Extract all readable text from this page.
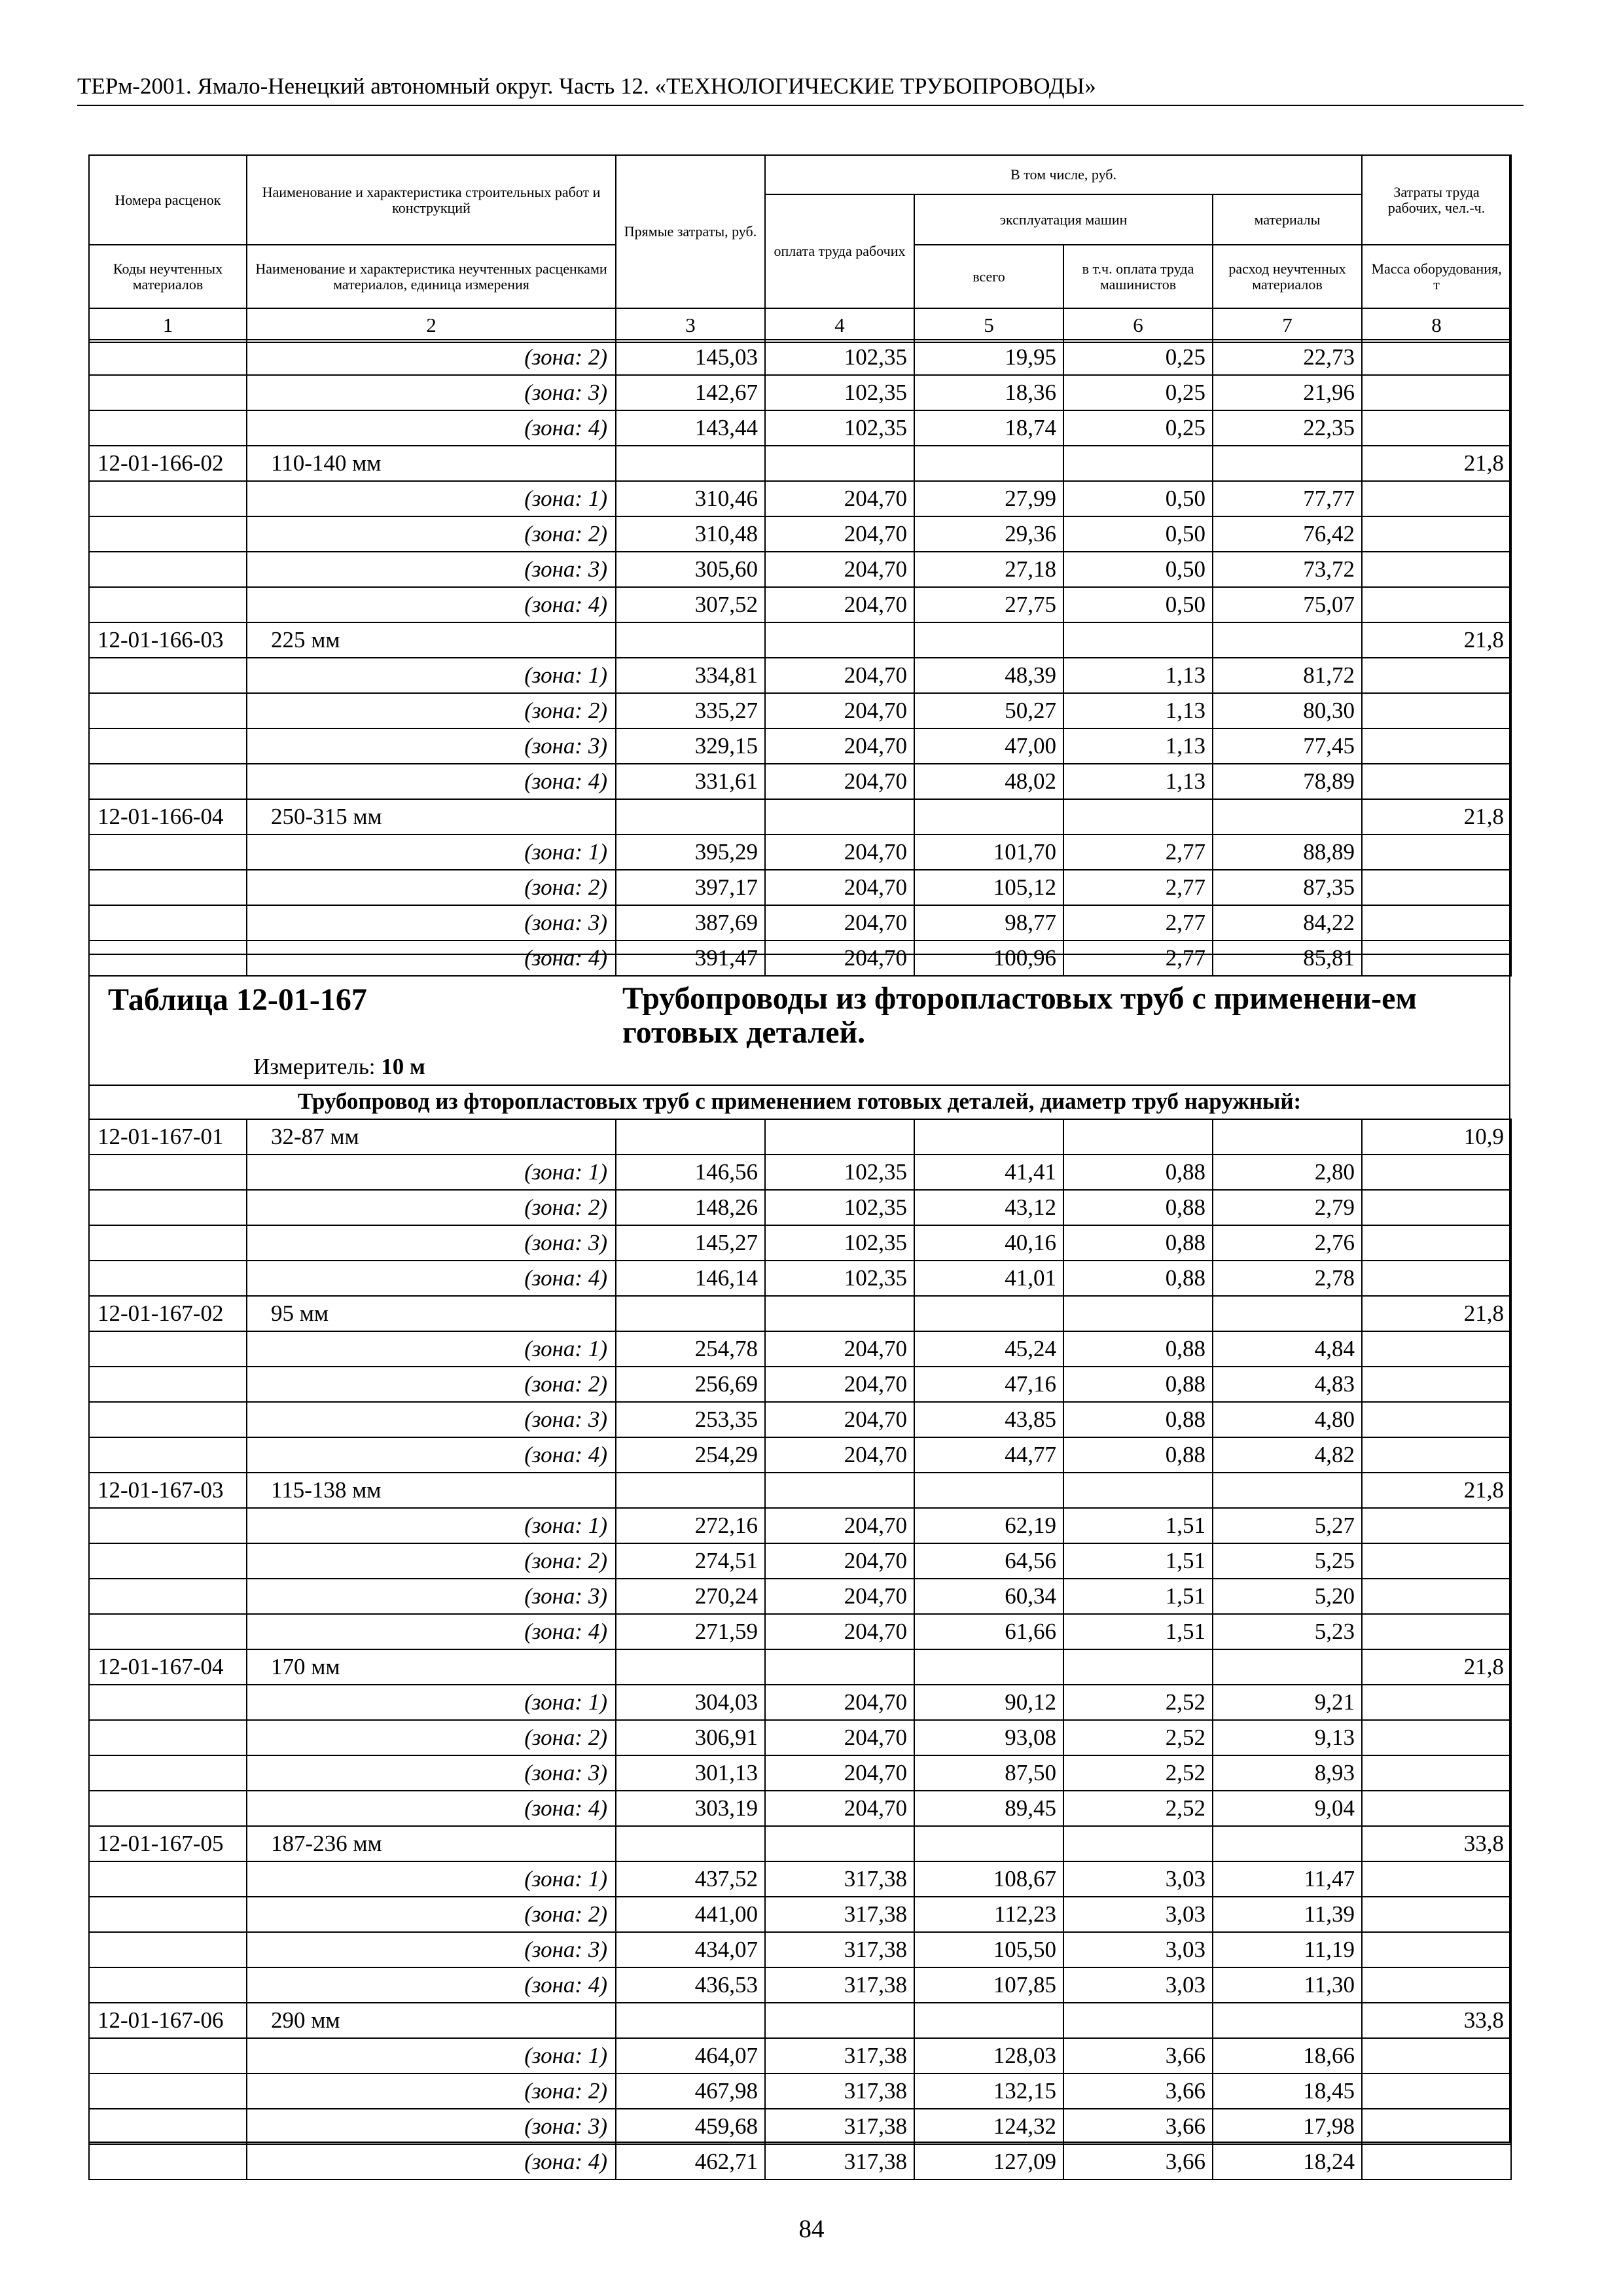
ТЕРм-2001. Ямало-Ненецкий автономный округ. Часть 12. «ТЕХНОЛОГИЧЕСКИЕ ТРУБОПРОВОДЫ»
Номера расценок	Наименование и характеристика строительных работ и конструкций	Прямые затраты, руб.	В том числе, руб.				Затраты труда рабочих, чел.-ч.
			оплата труда рабочих	эксплуатация машин		материалы	
Коды неучтенных материалов	Наименование и характеристика неучтенных расценками материалов, единица измерения			всего	в т.ч. оплата труда машинистов	расход неучтенных материалов	Масса оборудования, т
1	2	3	4	5	6	7	8
	(зона: 2)	145,03	102,35	19,95	0,25	22,73	
	(зона: 3)	142,67	102,35	18,36	0,25	21,96	
	(зона: 4)	143,44	102,35	18,74	0,25	22,35	
12-01-166-02	110-140 мм						21,8
	(зона: 1)	310,46	204,70	27,99	0,50	77,77	
	(зона: 2)	310,48	204,70	29,36	0,50	76,42	
	(зона: 3)	305,60	204,70	27,18	0,50	73,72	
	(зона: 4)	307,52	204,70	27,75	0,50	75,07	
12-01-166-03	225 мм						21,8
	(зона: 1)	334,81	204,70	48,39	1,13	81,72	
	(зона: 2)	335,27	204,70	50,27	1,13	80,30	
	(зона: 3)	329,15	204,70	47,00	1,13	77,45	
	(зона: 4)	331,61	204,70	48,02	1,13	78,89	
12-01-166-04	250-315 мм						21,8
	(зона: 1)	395,29	204,70	101,70	2,77	88,89	
	(зона: 2)	397,17	204,70	105,12	2,77	87,35	
	(зона: 3)	387,69	204,70	98,77	2,77	84,22	
	(зона: 4)	391,47	204,70	100,96	2,77	85,81	
Таблица 12-01-167	Трубопроводы из фторопластовых труб с применени-ем готовых деталей.
Измеритель: 10 м
Трубопровод из фторопластовых труб с применением готовых деталей, диаметр труб наружный:
12-01-167-01	32-87 мм						10,9
	(зона: 1)	146,56	102,35	41,41	0,88	2,80	
	(зона: 2)	148,26	102,35	43,12	0,88	2,79	
	(зона: 3)	145,27	102,35	40,16	0,88	2,76	
	(зона: 4)	146,14	102,35	41,01	0,88	2,78	
12-01-167-02	95 мм						21,8
	(зона: 1)	254,78	204,70	45,24	0,88	4,84	
	(зона: 2)	256,69	204,70	47,16	0,88	4,83	
	(зона: 3)	253,35	204,70	43,85	0,88	4,80	
	(зона: 4)	254,29	204,70	44,77	0,88	4,82	
12-01-167-03	115-138 мм						21,8
	(зона: 1)	272,16	204,70	62,19	1,51	5,27	
	(зона: 2)	274,51	204,70	64,56	1,51	5,25	
	(зона: 3)	270,24	204,70	60,34	1,51	5,20	
	(зона: 4)	271,59	204,70	61,66	1,51	5,23	
12-01-167-04	170 мм						21,8
	(зона: 1)	304,03	204,70	90,12	2,52	9,21	
	(зона: 2)	306,91	204,70	93,08	2,52	9,13	
	(зона: 3)	301,13	204,70	87,50	2,52	8,93	
	(зона: 4)	303,19	204,70	89,45	2,52	9,04	
12-01-167-05	187-236 мм						33,8
	(зона: 1)	437,52	317,38	108,67	3,03	11,47	
	(зона: 2)	441,00	317,38	112,23	3,03	11,39	
	(зона: 3)	434,07	317,38	105,50	3,03	11,19	
	(зона: 4)	436,53	317,38	107,85	3,03	11,30	
12-01-167-06	290 мм						33,8
	(зона: 1)	464,07	317,38	128,03	3,66	18,66	
	(зона: 2)	467,98	317,38	132,15	3,66	18,45	
	(зона: 3)	459,68	317,38	124,32	3,66	17,98	
	(зона: 4)	462,71	317,38	127,09	3,66	18,24	
84
